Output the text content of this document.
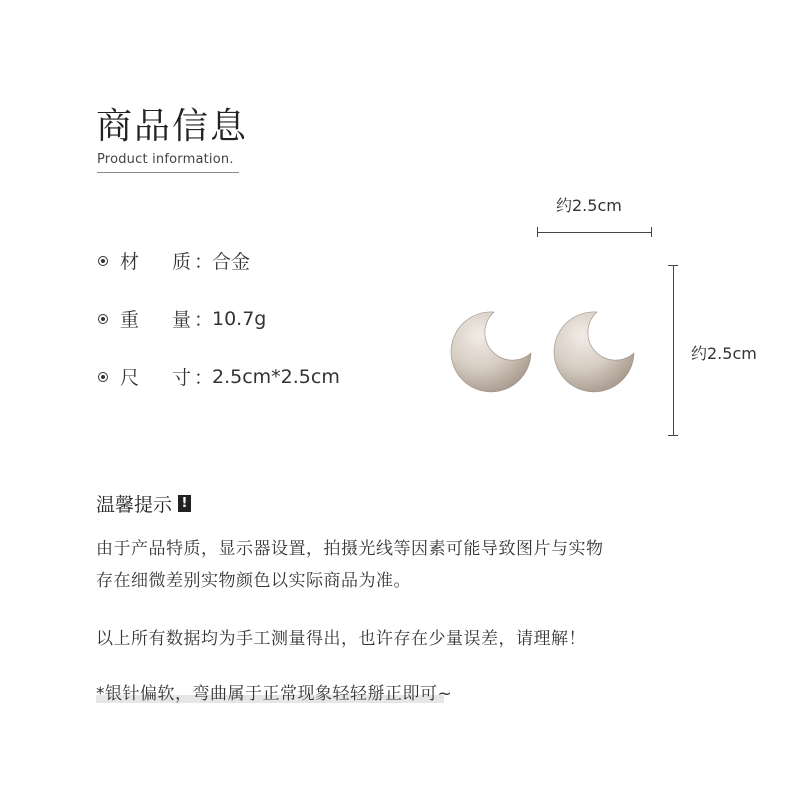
商品信息
Product information.
材	质 ：
合金
重	量 ：
10.7g
尺	寸 ：
2.5cm*2.5cm
约2.5cm
约2.5cm
温馨提示 !
由于产品特质，显示器设置，拍摄光线等因素可能导致图片与实物
存在细微差别实物颜色以实际商品为准。
以上所有数据均为手工测量得出，也许存在少量误差，请理解！
*银针偏软，弯曲属于正常现象轻轻掰正即可~
